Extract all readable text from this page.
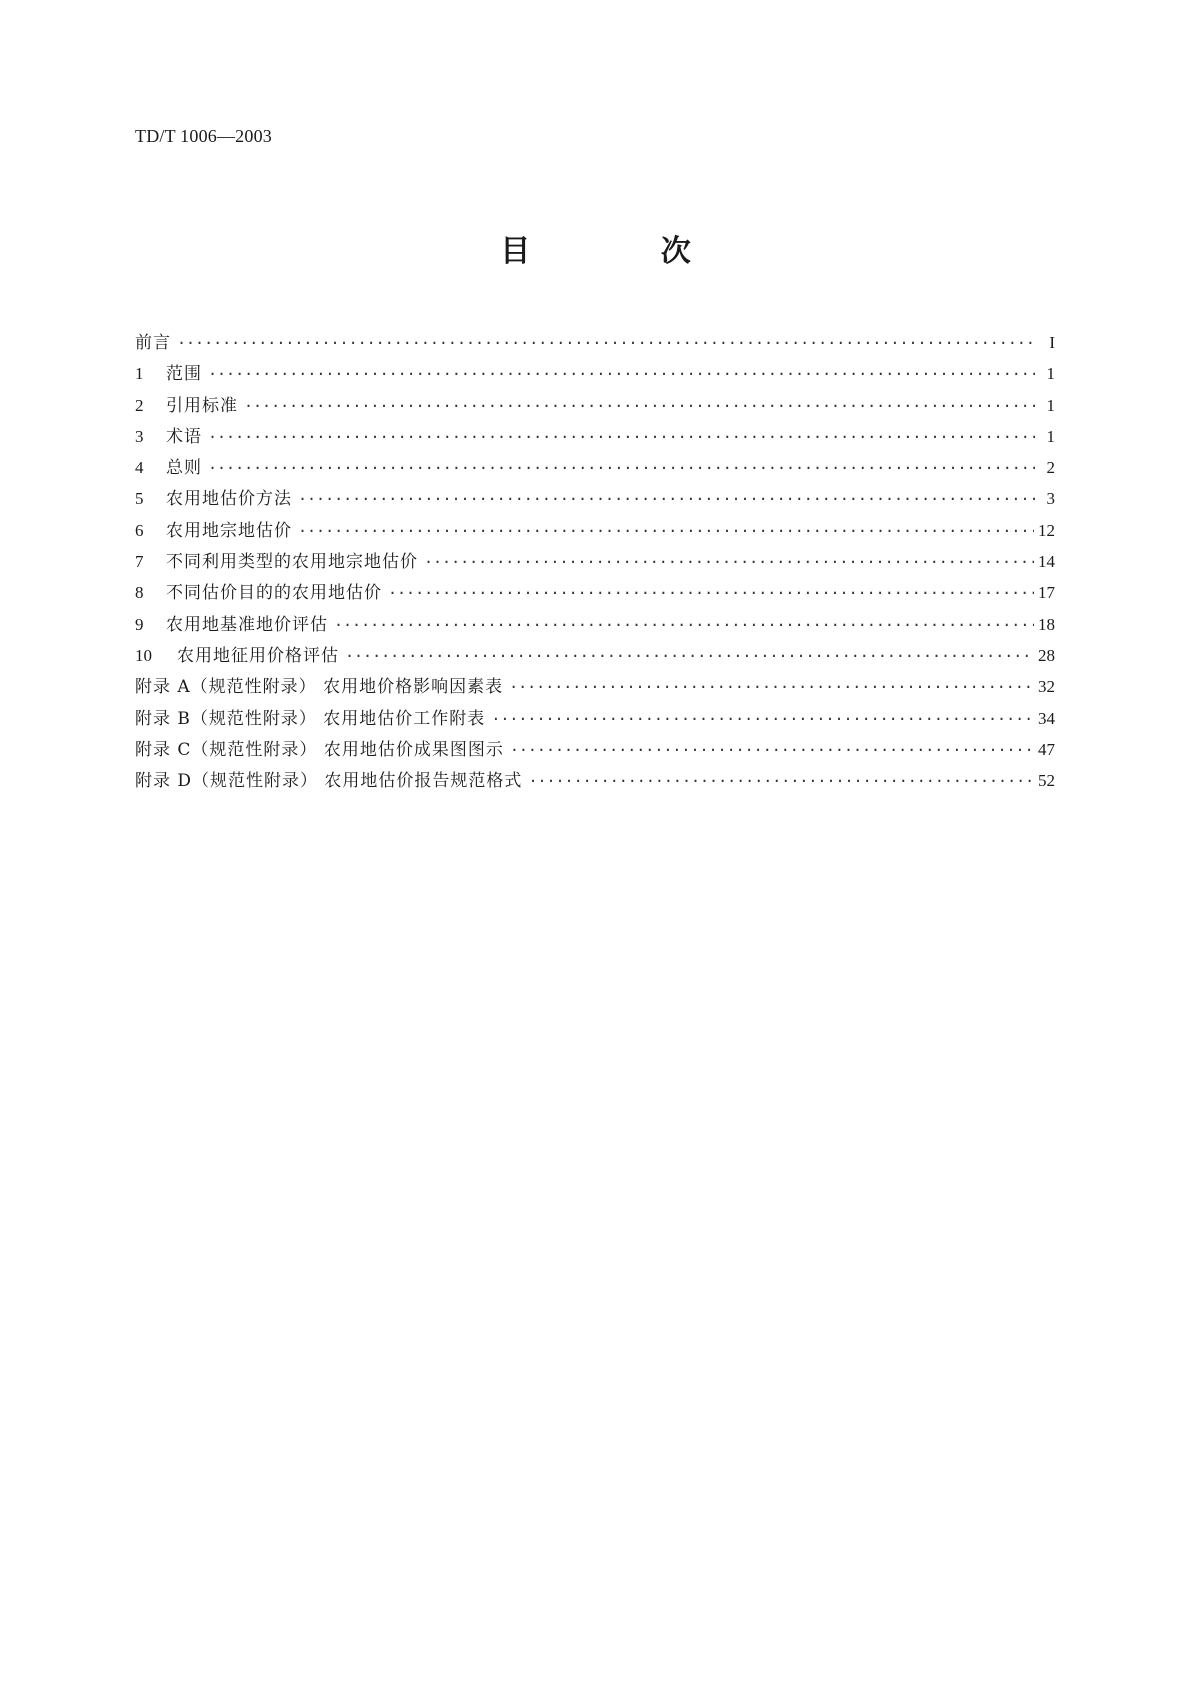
TD/T 1006—2003
目 次
前言 ·····	I
1	范围 ·····	1
2	引用标准 ·····	1
3	术语 ·····	1
4	总则 ·····	2
5	农用地估价方法 ·····	3
6	农用地宗地估价 ·····	12
7	不同利用类型的农用地宗地估价 ·····	14
8	不同估价目的的农用地估价 ·····	17
9	农用地基准地价评估 ·····	18
10	农用地征用价格评估 ·····	28
附录 A（规范性附录） 农用地价格影响因素表 ·····	32
附录 B（规范性附录） 农用地估价工作附表 ·····	34
附录 C（规范性附录） 农用地估价成果图图示 ·····	47
附录 D（规范性附录） 农用地估价报告规范格式 ·····	52
